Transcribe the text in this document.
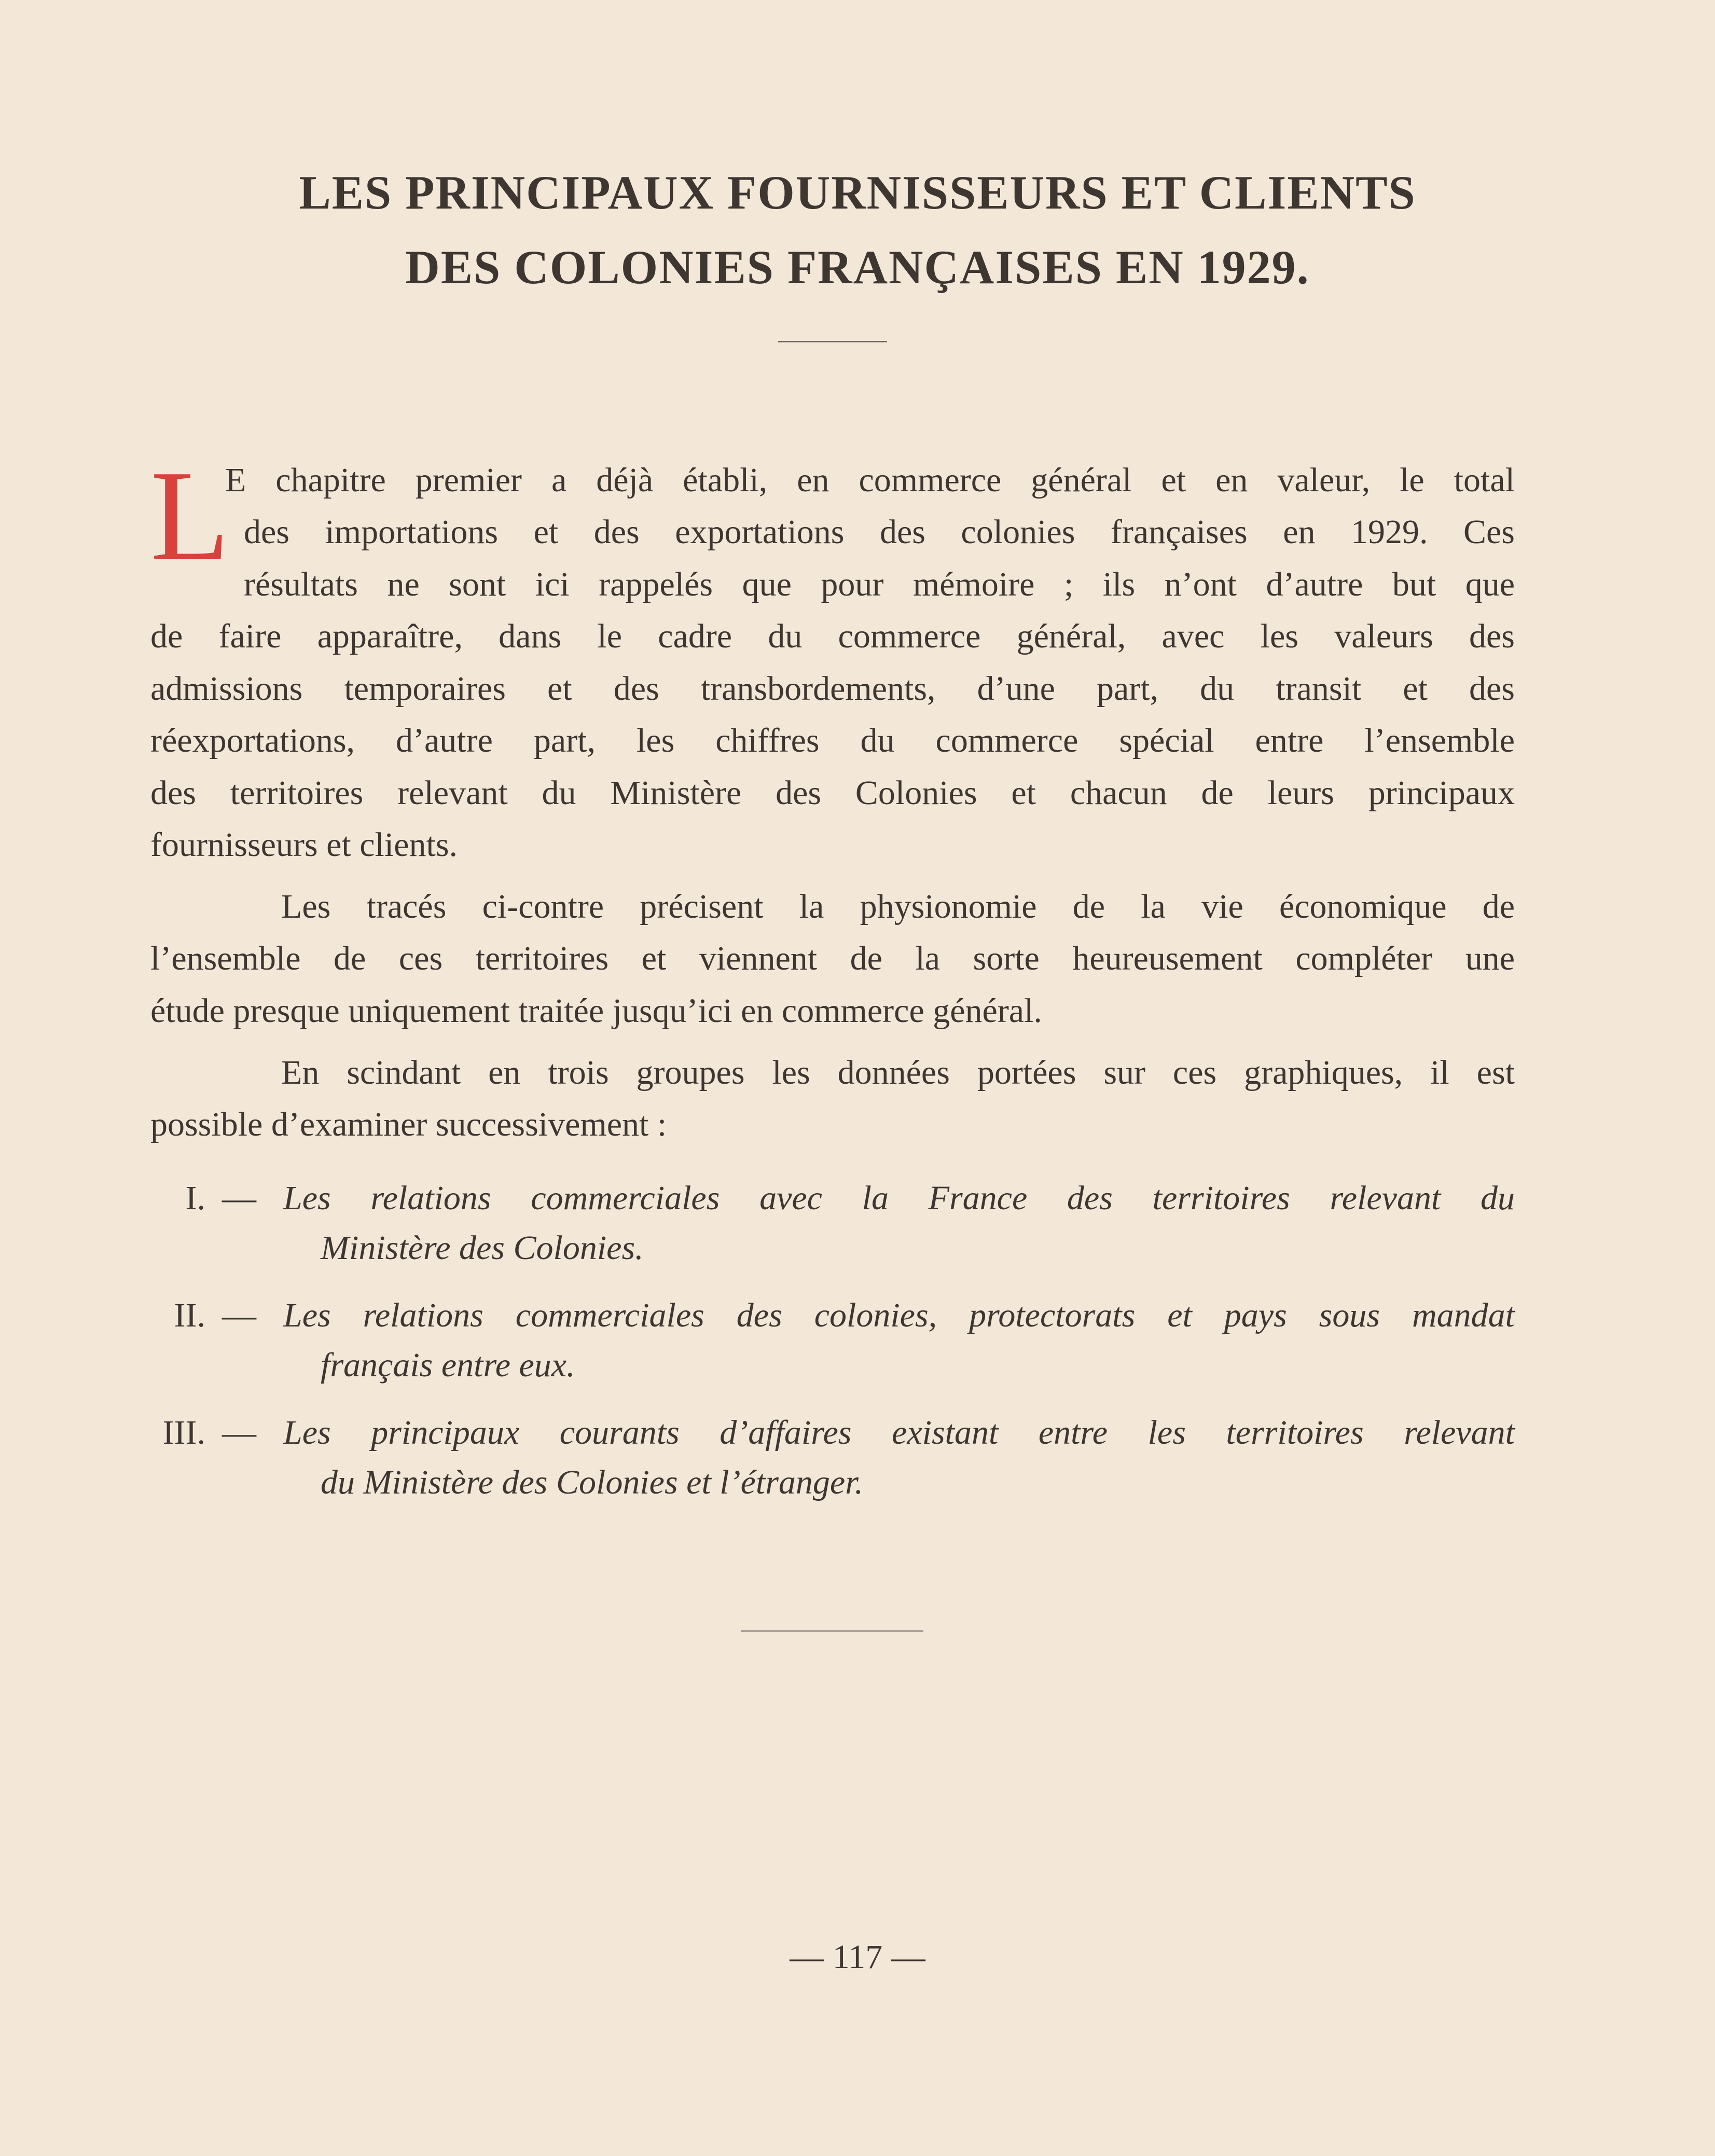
LES PRINCIPAUX FOURNISSEURS ET CLIENTS
DES COLONIES FRANÇAISES EN 1929.
L
E chapitre premier a déjà établi, en commerce général et en valeur, le total
des importations et des exportations des colonies françaises en 1929. Ces
résultats ne sont ici rappelés que pour mémoire ; ils n’ont d’autre but que
de faire apparaître, dans le cadre du commerce général, avec les valeurs des
admissions temporaires et des transbordements, d’une part, du transit et des
réexportations, d’autre part, les chiffres du commerce spécial entre l’ensemble
des territoires relevant du Ministère des Colonies et chacun de leurs principaux
fournisseurs et clients.
Les tracés ci-contre précisent la physionomie de la vie économique de
l’ensemble de ces territoires et viennent de la sorte heureusement compléter une
étude presque uniquement traitée jusqu’ici en commerce général.
En scindant en trois groupes les données portées sur ces graphiques, il est
possible d’examiner successivement :
I. — Les relations commerciales avec la France des territoires relevant du
Ministère des Colonies.
II. — Les relations commerciales des colonies, protectorats et pays sous mandat
français entre eux.
III. — Les principaux courants d’affaires existant entre les territoires relevant
du Ministère des Colonies et l’étranger.
— 117 —
